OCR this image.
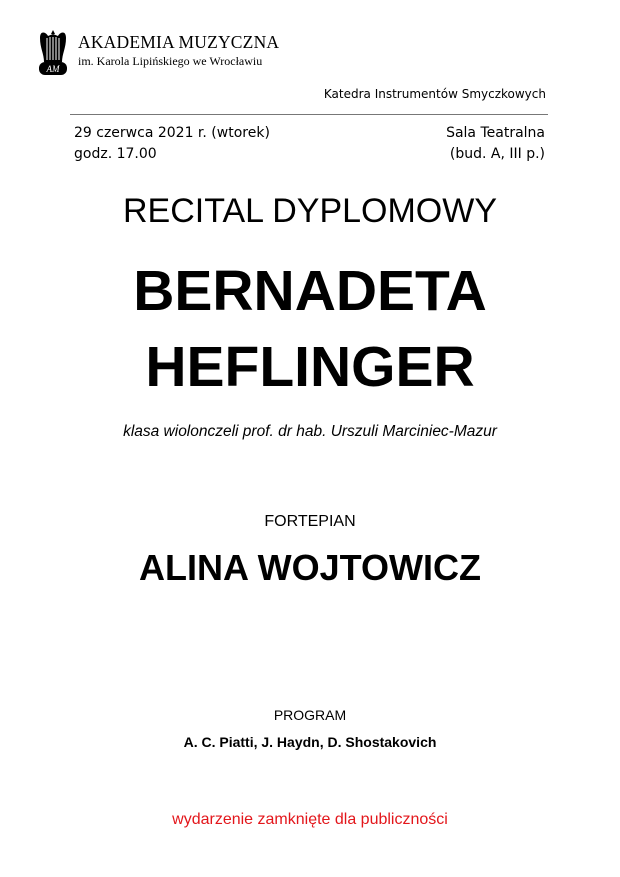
AM
AKADEMIA MUZYCZNA
im. Karola Lipińskiego we Wrocławiu
Katedra Instrumentów Smyczkowych
29 czerwca 2021 r. (wtorek)
godz. 17.00
Sala Teatralna
(bud. A, III p.)
RECITAL DYPLOMOWY
BERNADETA
HEFLINGER
klasa wiolonczeli prof. dr hab. Urszuli Marciniec-Mazur
FORTEPIAN
ALINA WOJTOWICZ
PROGRAM
A. C. Piatti, J. Haydn, D. Shostakovich
wydarzenie zamknięte dla publiczności
